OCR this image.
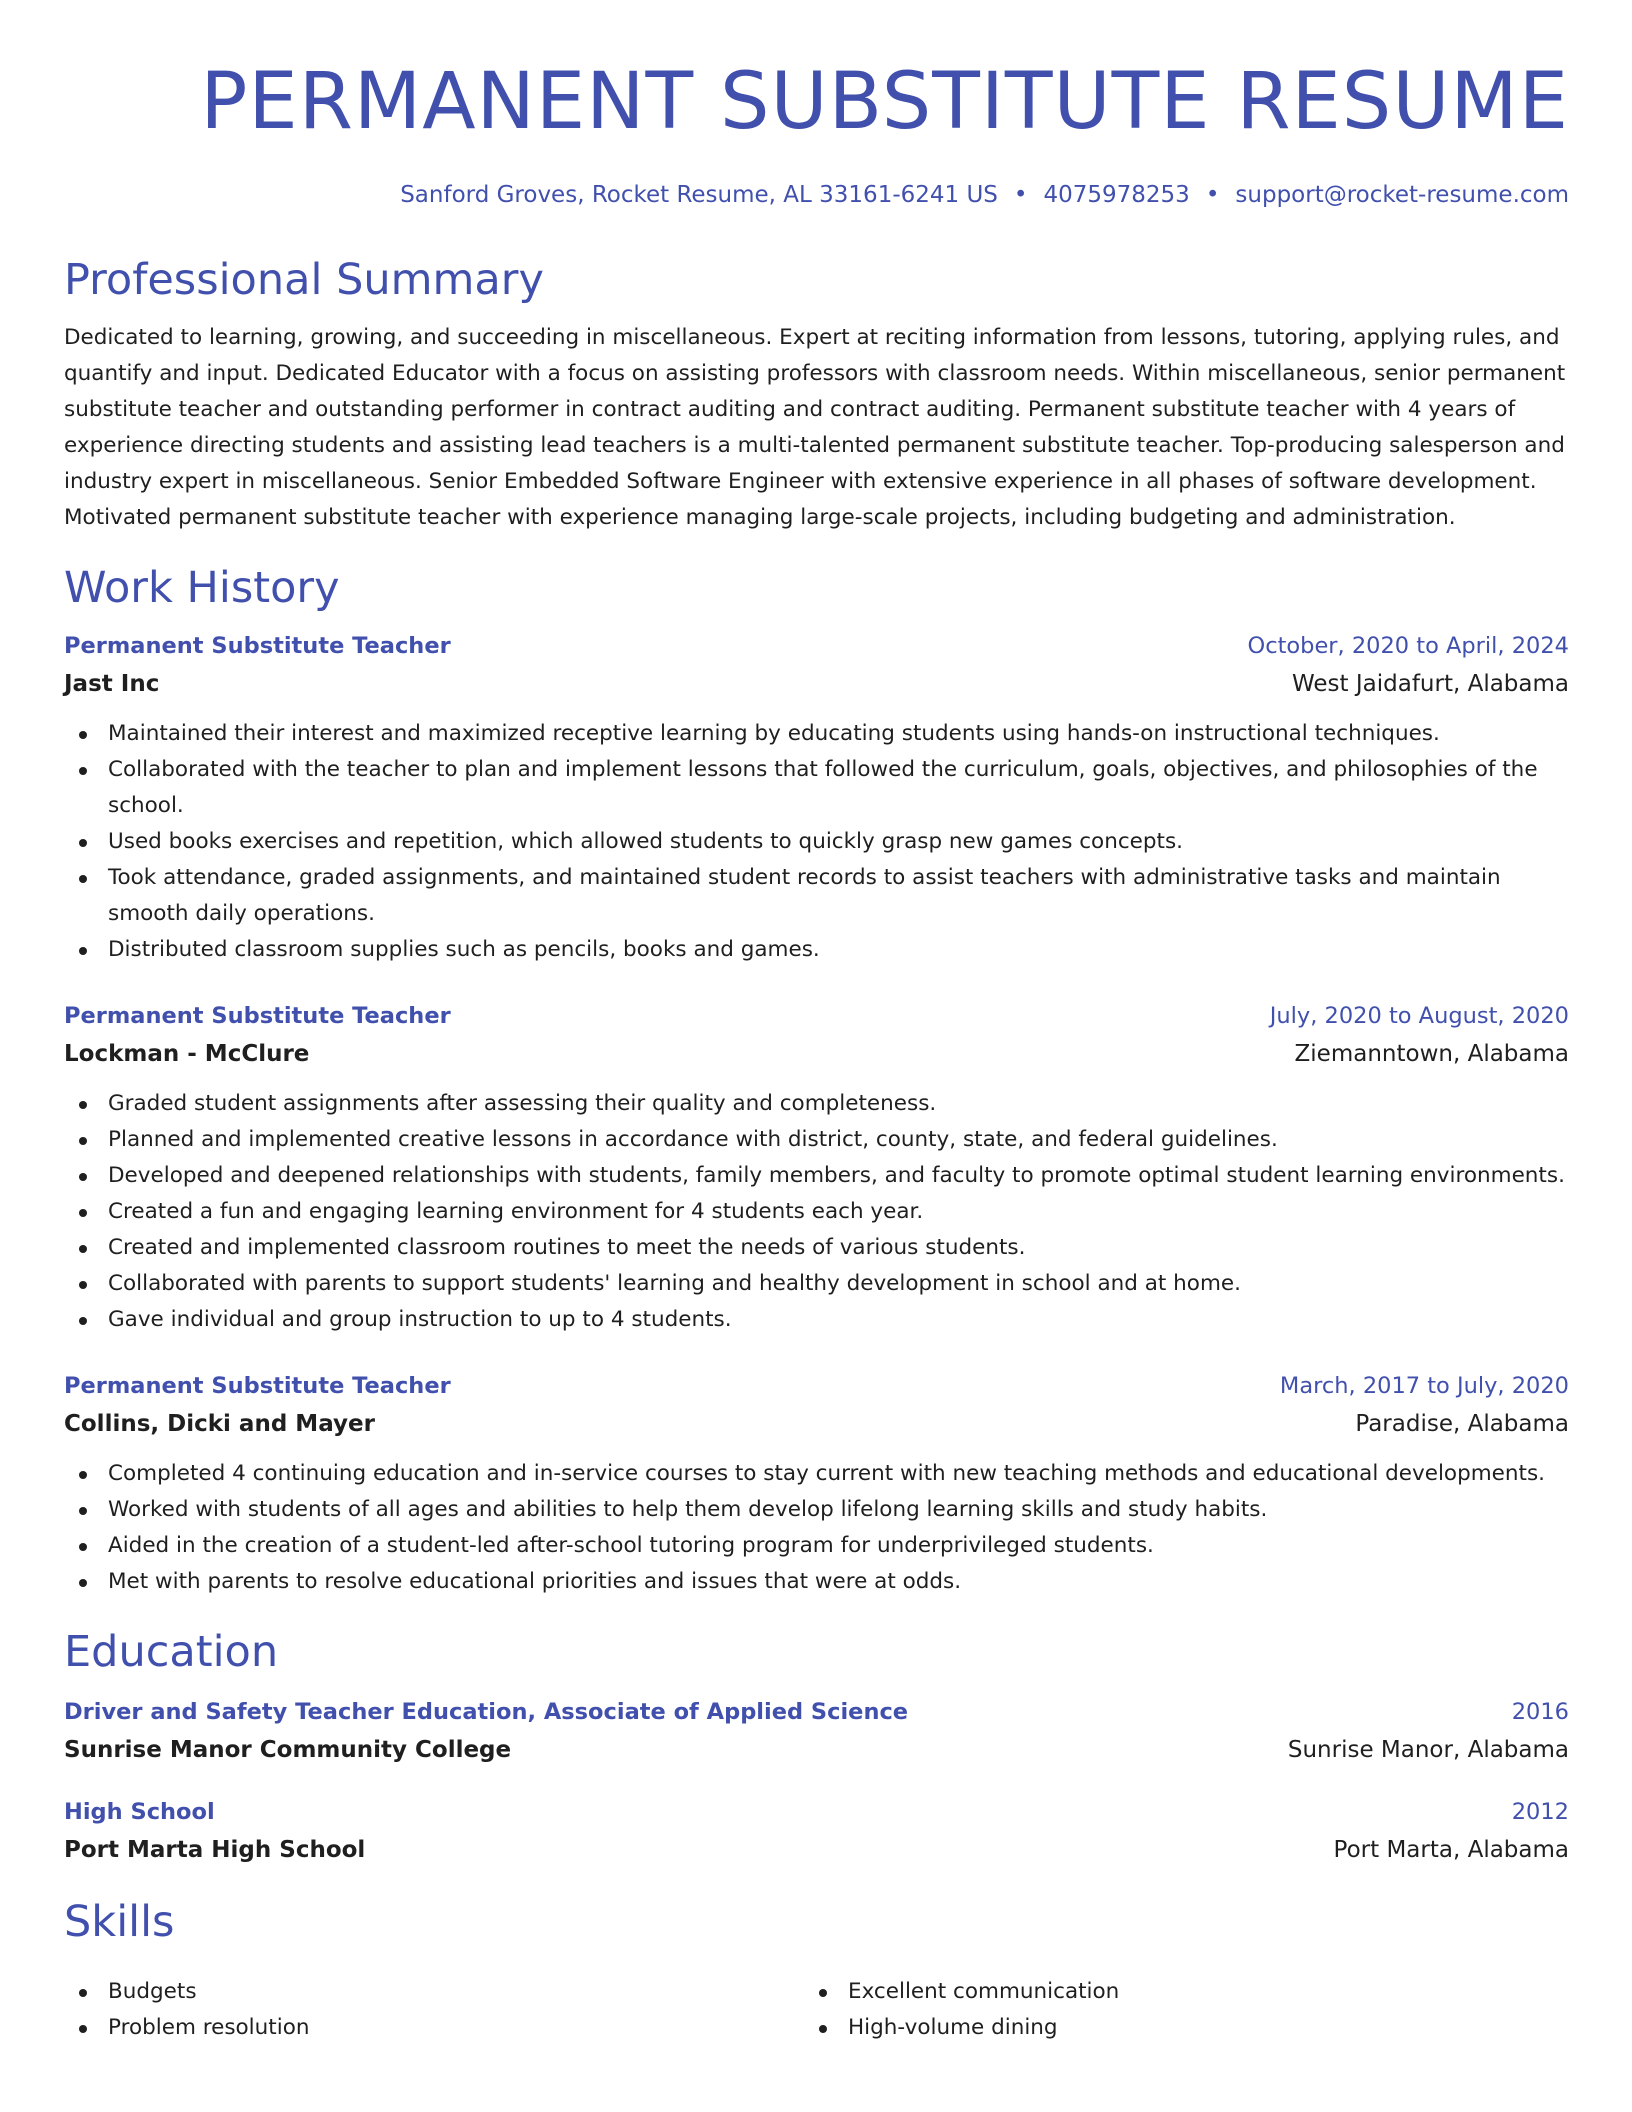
PERMANENT SUBSTITUTE RESUME
Sanford Groves, Rocket Resume, AL 33161-6241 US • 4075978253 • support@rocket-resume.com
Professional Summary

Dedicated to learning, growing, and succeeding in miscellaneous. Expert at reciting information from lessons, tutoring, applying rules, and quantify and input. Dedicated Educator with a focus on assisting professors with classroom needs. Within miscellaneous, senior permanent substitute teacher and outstanding performer in contract auditing and contract auditing. Permanent substitute teacher with 4 years of experience directing students and assisting lead teachers is a multi-talented permanent substitute teacher. Top-producing salesperson and industry expert in miscellaneous. Senior Embedded Software Engineer with extensive experience in all phases of software development. Motivated permanent substitute teacher with experience managing large-scale projects, including budgeting and administration.

Work History
Permanent Substitute Teacher	October, 2020 to April, 2024
Jast Inc	West Jaidafurt, Alabama
Maintained their interest and maximized receptive learning by educating students using hands-on instructional techniques.
Collaborated with the teacher to plan and implement lessons that followed the curriculum, goals, objectives, and philosophies of the school.
Used books exercises and repetition, which allowed students to quickly grasp new games concepts.
Took attendance, graded assignments, and maintained student records to assist teachers with administrative tasks and maintain smooth daily operations.
Distributed classroom supplies such as pencils, books and games.
Permanent Substitute Teacher	July, 2020 to August, 2020
Lockman - McClure	Ziemanntown, Alabama
Graded student assignments after assessing their quality and completeness.
Planned and implemented creative lessons in accordance with district, county, state, and federal guidelines.
Developed and deepened relationships with students, family members, and faculty to promote optimal student learning environments.
Created a fun and engaging learning environment for 4 students each year.
Created and implemented classroom routines to meet the needs of various students.
Collaborated with parents to support students' learning and healthy development in school and at home.
Gave individual and group instruction to up to 4 students.
Permanent Substitute Teacher	March, 2017 to July, 2020
Collins, Dicki and Mayer	Paradise, Alabama
Completed 4 continuing education and in-service courses to stay current with new teaching methods and educational developments.
Worked with students of all ages and abilities to help them develop lifelong learning skills and study habits.
Aided in the creation of a student-led after-school tutoring program for underprivileged students.
Met with parents to resolve educational priorities and issues that were at odds.
Education
Driver and Safety Teacher Education, Associate of Applied Science	2016
Sunrise Manor Community College	Sunrise Manor, Alabama
High School	2012
Port Marta High School	Port Marta, Alabama
Skills
Budgets
Problem resolution
Excellent communication
High-volume dining
